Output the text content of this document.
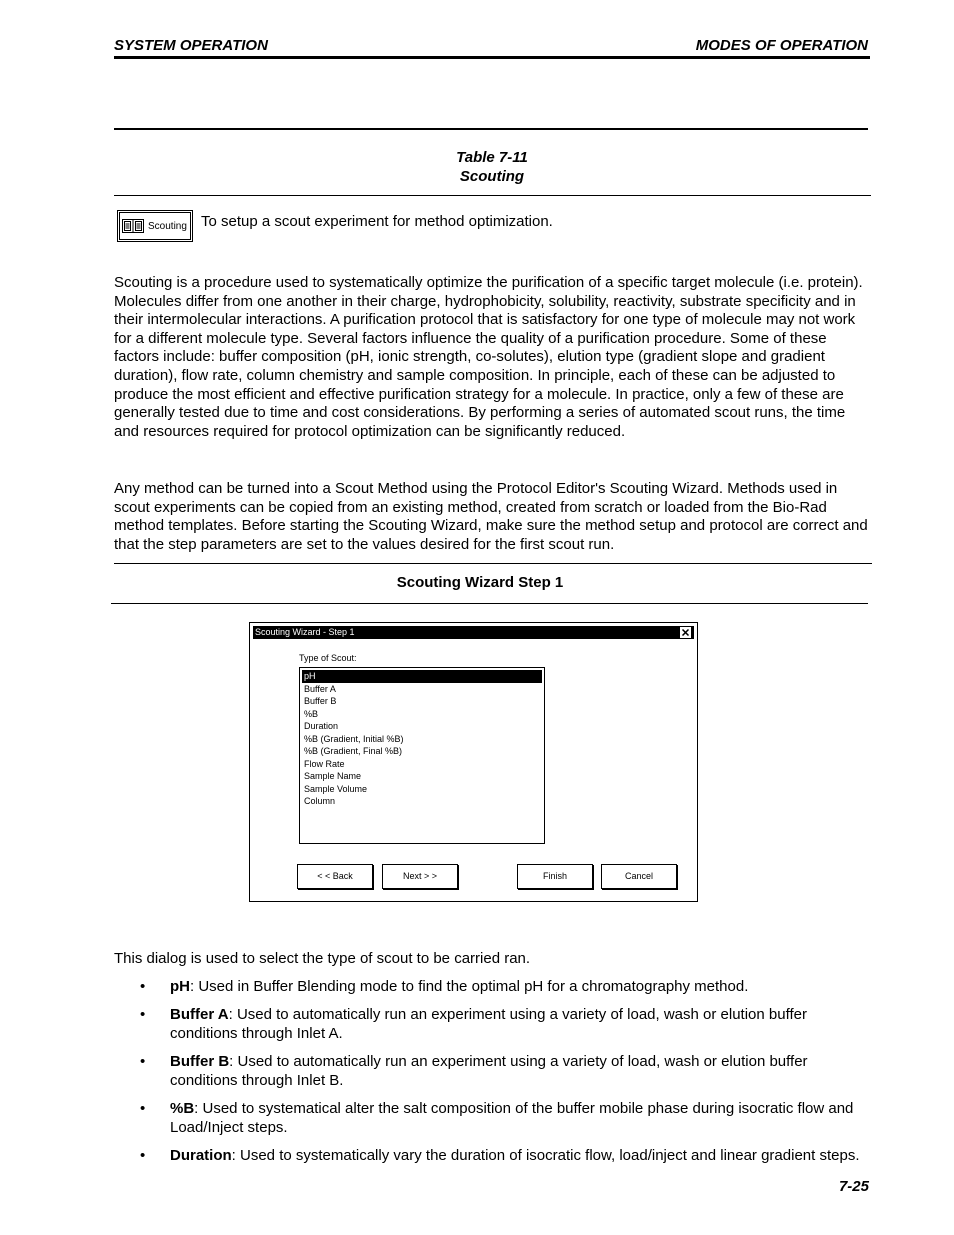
SYSTEM OPERATION	MODES OF OPERATION
Table 7-11
Scouting
Scouting To setup a scout experiment for method optimization.
Scouting is a procedure used to systematically optimize the purification of a specific target molecule (i.e. protein). Molecules differ from one another in their charge, hydrophobicity, solubility, reactivity, substrate specificity and in their intermolecular interactions. A purification protocol that is satisfactory for one type of molecule may not work for a different molecule type. Several factors influence the quality of a purification procedure. Some of these factors include: buffer composition (pH, ionic strength, co-solutes), elution type (gradient slope and gradient duration), flow rate, column chemistry and sample composition. In principle, each of these can be adjusted to produce the most efficient and effective purification strategy for a molecule. In practice, only a few of these are generally tested due to time and cost considerations. By performing a series of automated scout runs, the time and resources required for protocol optimization can be significantly reduced.
Any method can be turned into a Scout Method using the Protocol Editor's Scouting Wizard. Methods used in scout experiments can be copied from an existing method, created from scratch or loaded from the Bio-Rad method templates. Before starting the Scouting Wizard, make sure the method setup and protocol are correct and that the step parameters are set to the values desired for the first scout run.
Scouting Wizard Step 1
Scouting Wizard - Step 1
Type of Scout:
pH
Buffer A
Buffer B
%B
Duration
%B (Gradient, Initial %B)
%B (Gradient, Final %B)
Flow Rate
Sample Name
Sample Volume
Column
< < Back	Next > >	Finish	Cancel
This dialog is used to select the type of scout to be carried ran.
• pH: Used in Buffer Blending mode to find the optimal pH for a chromatography method.
• Buffer A: Used to automatically run an experiment using a variety of load, wash or elution buffer conditions through Inlet A.
• Buffer B: Used to automatically run an experiment using a variety of load, wash or elution buffer conditions through Inlet B.
• %B: Used to systematical alter the salt composition of the buffer mobile phase during isocratic flow and Load/Inject steps.
• Duration: Used to systematically vary the duration of isocratic flow, load/inject and linear gradient steps.
7-25
